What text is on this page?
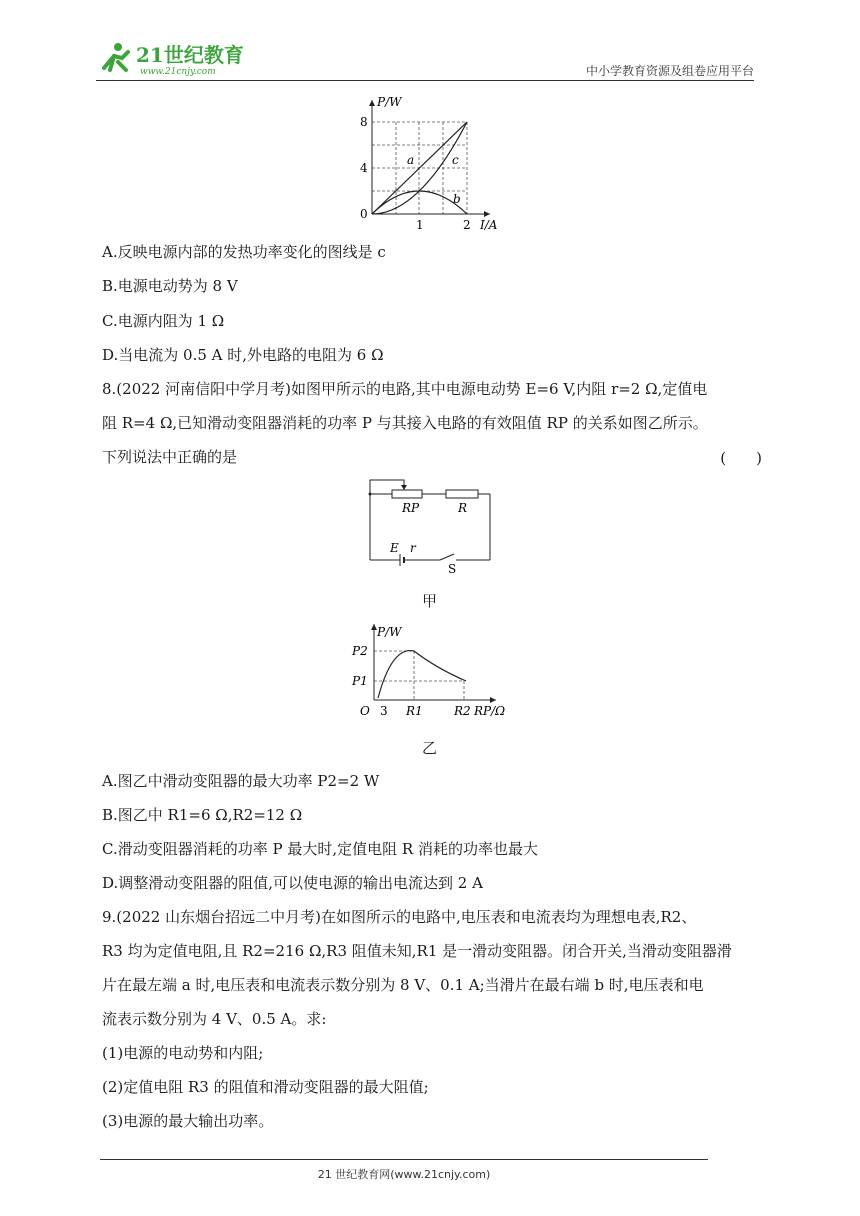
21世纪教育
www.21cnjy.com	中小学教育资源及组卷应用平台
P/W
8
4
0
1	2 I/A
a	c
b
A.反映电源内部的发热功率变化的图线是 c
B.电源电动势为 8 V
C.电源内阻为 1 Ω
D.当电流为 0.5 A 时,外电路的电阻为 6 Ω
8.(2022 河南信阳中学月考)如图甲所示的电路,其中电源电动势 E=6 V,内阻 r=2 Ω,定值电
阻 R=4 Ω,已知滑动变阻器消耗的功率 P 与其接入电路的有效阻值 RP 的关系如图乙所示。
下列说法中正确的是	(　　)
RP	R
E r
S
甲
P/W
P2
P1
O 3 R1	R2 RP/Ω
乙
A.图乙中滑动变阻器的最大功率 P2=2 W
B.图乙中 R1=6 Ω,R2=12 Ω
C.滑动变阻器消耗的功率 P 最大时,定值电阻 R 消耗的功率也最大
D.调整滑动变阻器的阻值,可以使电源的输出电流达到 2 A
9.(2022 山东烟台招远二中月考)在如图所示的电路中,电压表和电流表均为理想电表,R2、
R3 均为定值电阻,且 R2=216 Ω,R3 阻值未知,R1 是一滑动变阻器。闭合开关,当滑动变阻器滑
片在最左端 a 时,电压表和电流表示数分别为 8 V、0.1 A;当滑片在最右端 b 时,电压表和电
流表示数分别为 4 V、0.5 A。求:
(1)电源的电动势和内阻;
(2)定值电阻 R3 的阻值和滑动变阻器的最大阻值;
(3)电源的最大输出功率。
21 世纪教育网(www.21cnjy.com)
